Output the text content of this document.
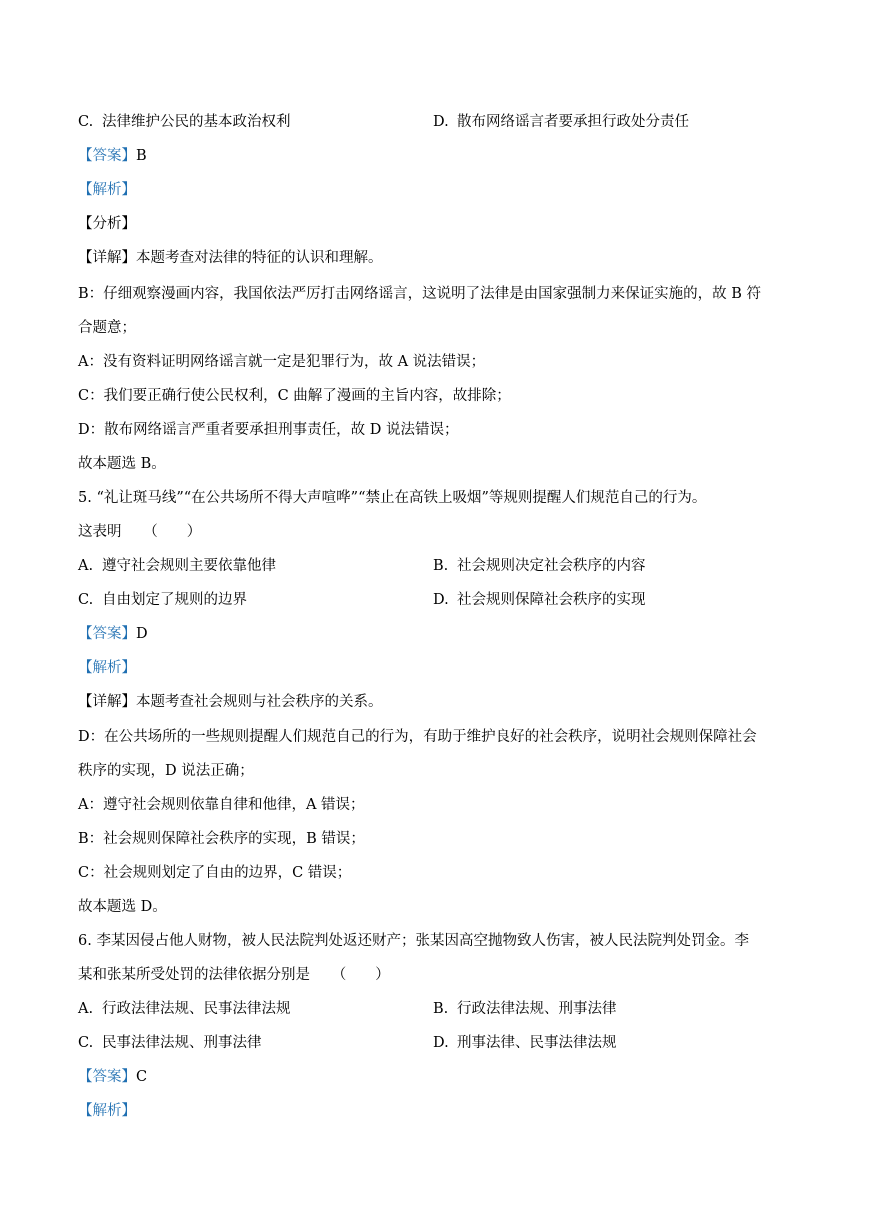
C. 法律维护公民的基本政治权利	D. 散布网络谣言者要承担行政处分责任
【答案】B
【解析】
【分析】
【详解】本题考查对法律的特征的认识和理解。
B：仔细观察漫画内容，我国依法严厉打击网络谣言，这说明了法律是由国家强制力来保证实施的，故 B 符
合题意；
A：没有资料证明网络谣言就一定是犯罪行为，故 A 说法错误；
C：我们要正确行使公民权利，C 曲解了漫画的主旨内容，故排除；
D：散布网络谣言严重者要承担刑事责任，故 D 说法错误；
故本题选 B。
5. “礼让斑马线”“在公共场所不得大声喧哗”“禁止在高铁上吸烟”等规则提醒人们规范自己的行为。
这表明　　（　　）
A. 遵守社会规则主要依靠他律	B. 社会规则决定社会秩序的内容
C. 自由划定了规则的边界	D. 社会规则保障社会秩序的实现
【答案】D
【解析】
【详解】本题考查社会规则与社会秩序的关系。
D：在公共场所的一些规则提醒人们规范自己的行为，有助于维护良好的社会秩序，说明社会规则保障社会
秩序的实现，D 说法正确；
A：遵守社会规则依靠自律和他律，A 错误；
B：社会规则保障社会秩序的实现，B 错误；
C：社会规则划定了自由的边界，C 错误；
故本题选 D。
6. 李某因侵占他人财物，被人民法院判处返还财产；张某因高空抛物致人伤害，被人民法院判处罚金。李
某和张某所受处罚的法律依据分别是　　（　　）
A. 行政法律法规、民事法律法规	B. 行政法律法规、刑事法律
C. 民事法律法规、刑事法律	D. 刑事法律、民事法律法规
【答案】C
【解析】
